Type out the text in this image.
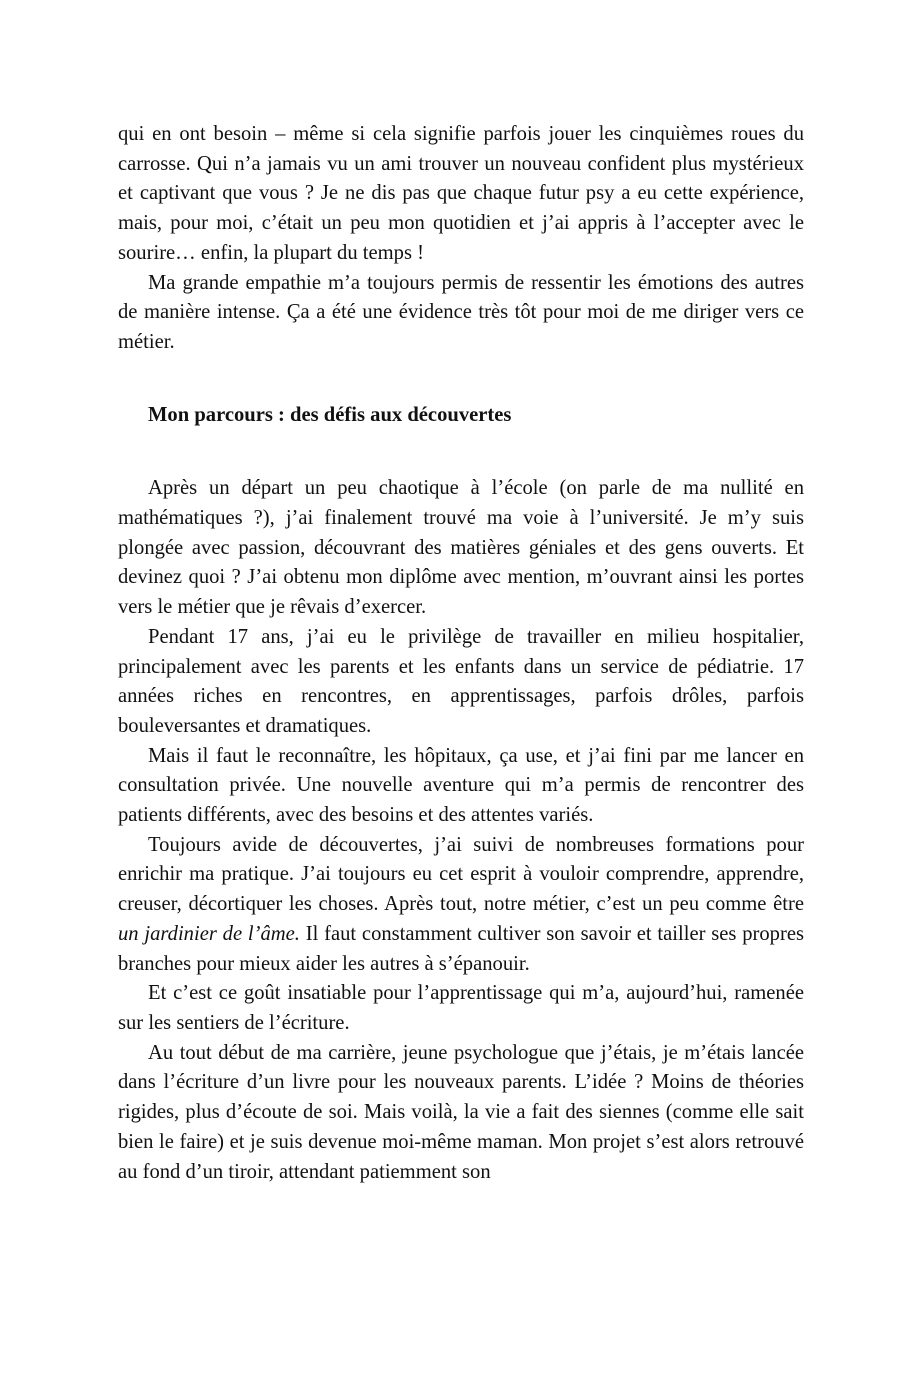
qui en ont besoin – même si cela signifie parfois jouer les cinquièmes roues du carrosse. Qui n’a jamais vu un ami trouver un nouveau confident plus mystérieux et captivant que vous ? Je ne dis pas que chaque futur psy a eu cette expérience, mais, pour moi, c’était un peu mon quotidien et j’ai appris à l’accepter avec le sourire… enfin, la plupart du temps !

Ma grande empathie m’a toujours permis de ressentir les émotions des autres de manière intense. Ça a été une évidence très tôt pour moi de me diriger vers ce métier.

Mon parcours : des défis aux découvertes

Après un départ un peu chaotique à l’école (on parle de ma nullité en mathématiques ?), j’ai finalement trouvé ma voie à l’université. Je m’y suis plongée avec passion, découvrant des matières géniales et des gens ouverts. Et devinez quoi ? J’ai obtenu mon diplôme avec mention, m’ouvrant ainsi les portes vers le métier que je rêvais d’exercer.

Pendant 17 ans, j’ai eu le privilège de travailler en milieu hospitalier, principalement avec les parents et les enfants dans un service de pédiatrie. 17 années riches en rencontres, en apprentissages, parfois drôles, parfois bouleversantes et dramatiques.

Mais il faut le reconnaître, les hôpitaux, ça use, et j’ai fini par me lancer en consultation privée. Une nouvelle aventure qui m’a permis de rencontrer des patients différents, avec des besoins et des attentes variés.

Toujours avide de découvertes, j’ai suivi de nombreuses formations pour enrichir ma pratique. J’ai toujours eu cet esprit à vouloir comprendre, apprendre, creuser, décortiquer les choses. Après tout, notre métier, c’est un peu comme être un jardinier de l’âme. Il faut constamment cultiver son savoir et tailler ses propres branches pour mieux aider les autres à s’épanouir.

Et c’est ce goût insatiable pour l’apprentissage qui m’a, aujourd’hui, ramenée sur les sentiers de l’écriture.

Au tout début de ma carrière, jeune psychologue que j’étais, je m’étais lancée dans l’écriture d’un livre pour les nouveaux parents. L’idée ? Moins de théories rigides, plus d’écoute de soi. Mais voilà, la vie a fait des siennes (comme elle sait bien le faire) et je suis devenue moi-même maman. Mon projet s’est alors retrouvé au fond d’un tiroir, attendant patiemment son
